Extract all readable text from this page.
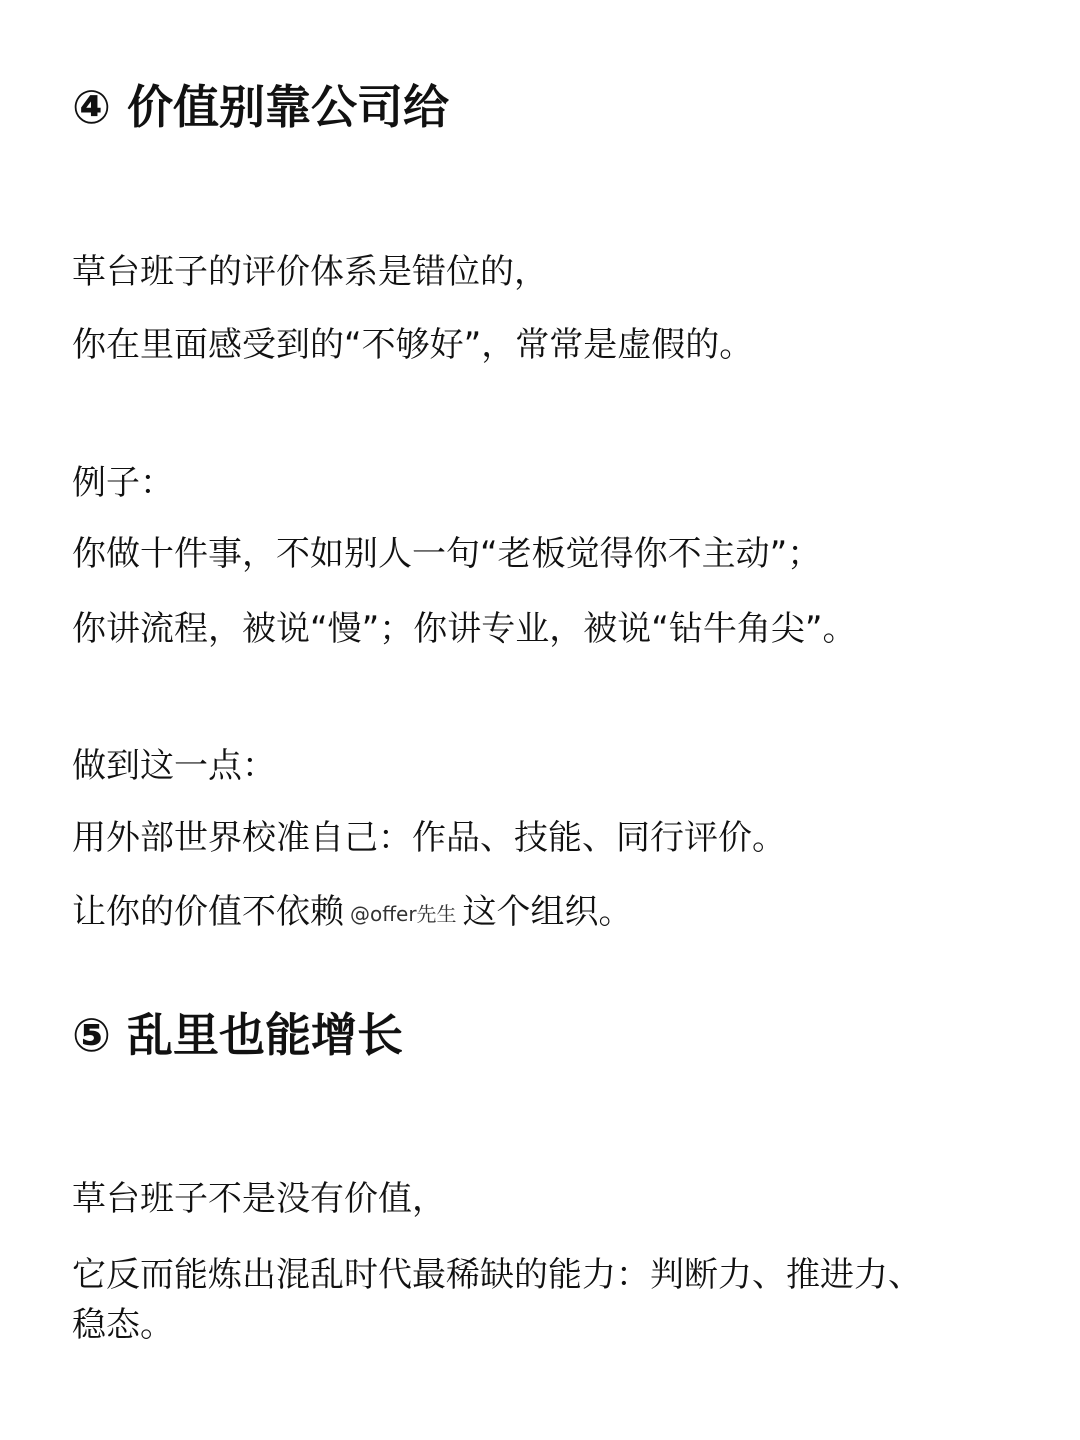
④ 价值别靠公司给

草台班子的评价体系是错位的，

你在里面感受到的“不够好”，常常是虚假的。

例子：

你做十件事，不如别人一句“老板觉得你不主动”；

你讲流程，被说“慢”；你讲专业，被说“钻牛角尖”。

做到这一点：

用外部世界校准自己：作品、技能、同行评价。

让你的价值不依赖 @offer先生 这个组织。

⑤ 乱里也能增长

草台班子不是没有价值，

它反而能炼出混乱时代最稀缺的能力：判断力、推进力、

稳态。
